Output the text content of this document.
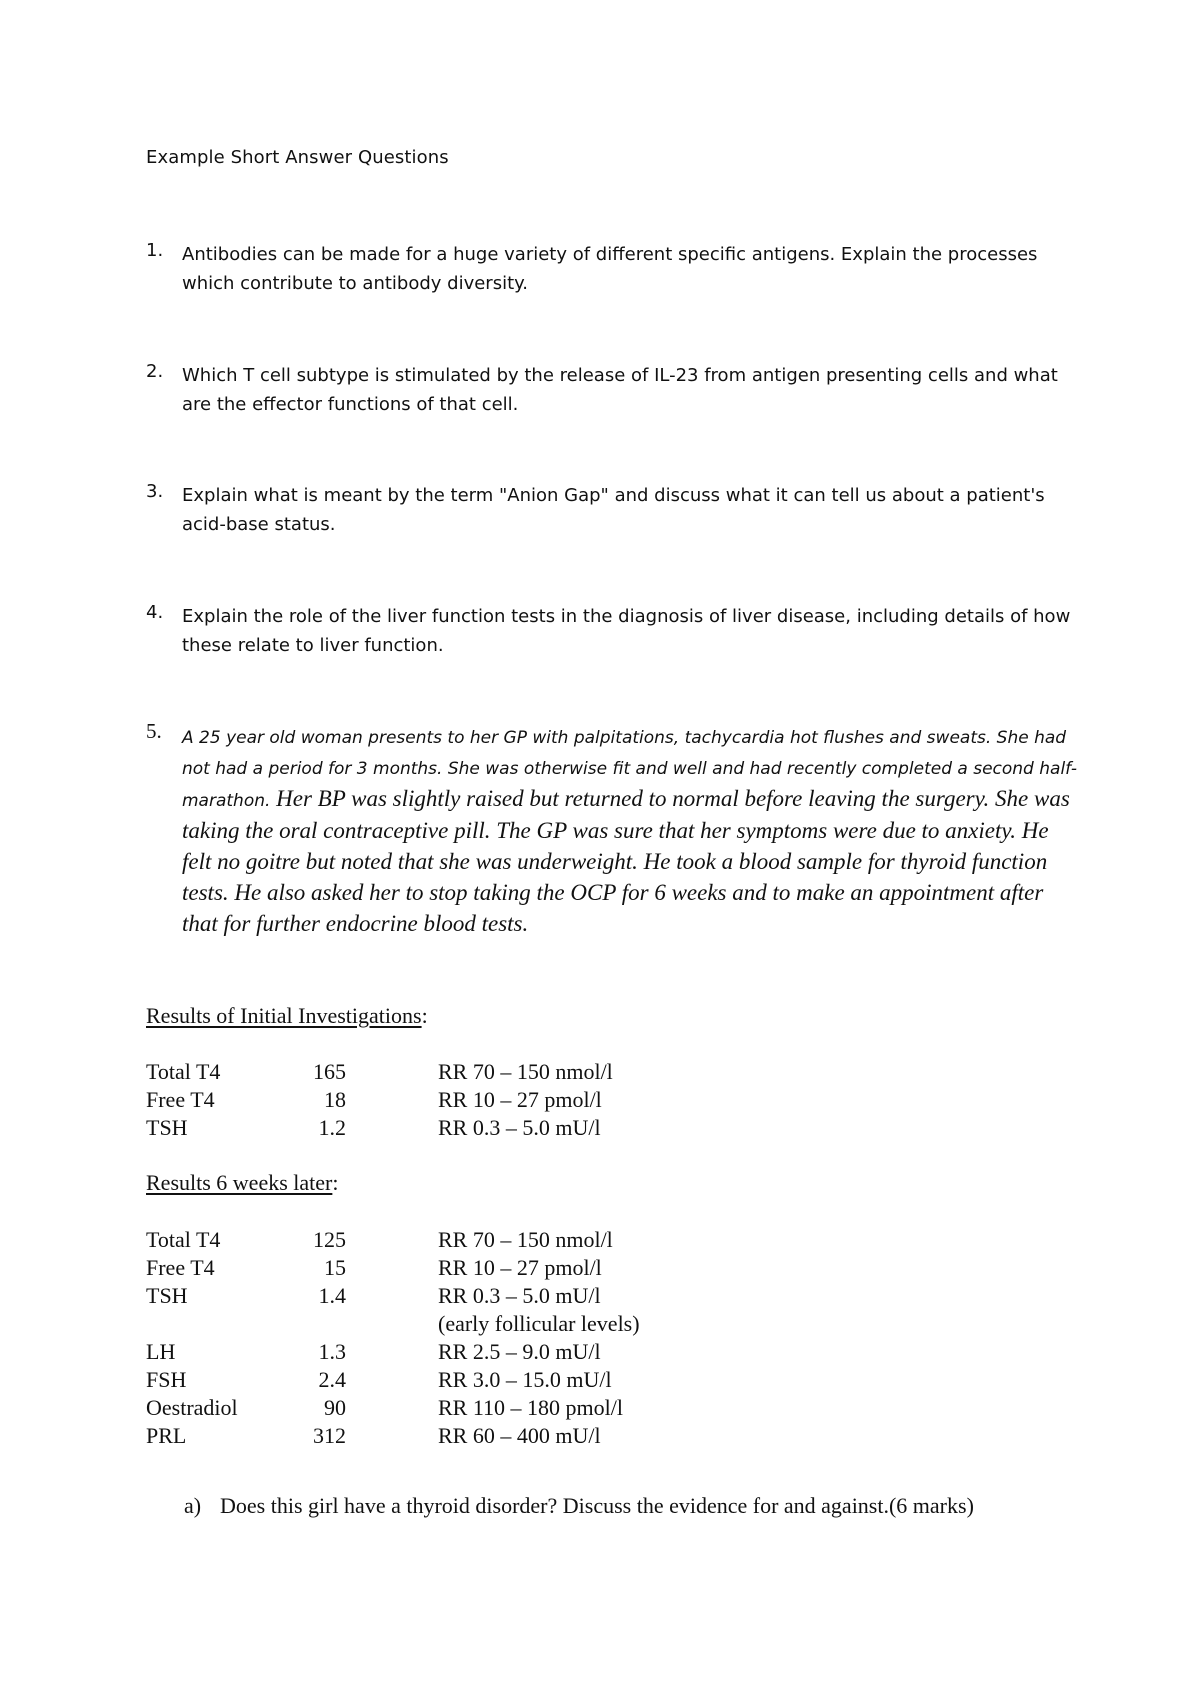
Example Short Answer Questions
1. Antibodies can be made for a huge variety of different specific antigens. Explain the processes which contribute to antibody diversity.
2. Which T cell subtype is stimulated by the release of IL-23 from antigen presenting cells and what are the effector functions of that cell.
3. Explain what is meant by the term "Anion Gap" and discuss what it can tell us about a patient's acid-base status.
4. Explain the role of the liver function tests in the diagnosis of liver disease, including details of how these relate to liver function.
5. A 25 year old woman presents to her GP with palpitations, tachycardia hot flushes and sweats. She had not had a period for 3 months. She was otherwise fit and well and had recently completed a second half-marathon. Her BP was slightly raised but returned to normal before leaving the surgery. She was taking the oral contraceptive pill. The GP was sure that her symptoms were due to anxiety. He felt no goitre but noted that she was underweight. He took a blood sample for thyroid function tests. He also asked her to stop taking the OCP for 6 weeks and to make an appointment after that for further endocrine blood tests.
Results of Initial Investigations:
Total T4	165	RR 70 – 150 nmol/l
Free T4	18	RR 10 – 27 pmol/l
TSH	1.2	RR 0.3 – 5.0 mU/l
Results 6 weeks later:
Total T4	125	RR 70 – 150 nmol/l
Free T4	15	RR 10 – 27 pmol/l
TSH	1.4	RR 0.3 – 5.0 mU/l
(early follicular levels)
LH	1.3	RR 2.5 – 9.0 mU/l
FSH	2.4	RR 3.0 – 15.0 mU/l
Oestradiol	90	RR 110 – 180 pmol/l
PRL	312	RR 60 – 400 mU/l
a) Does this girl have a thyroid disorder? Discuss the evidence for and against.(6 marks)
